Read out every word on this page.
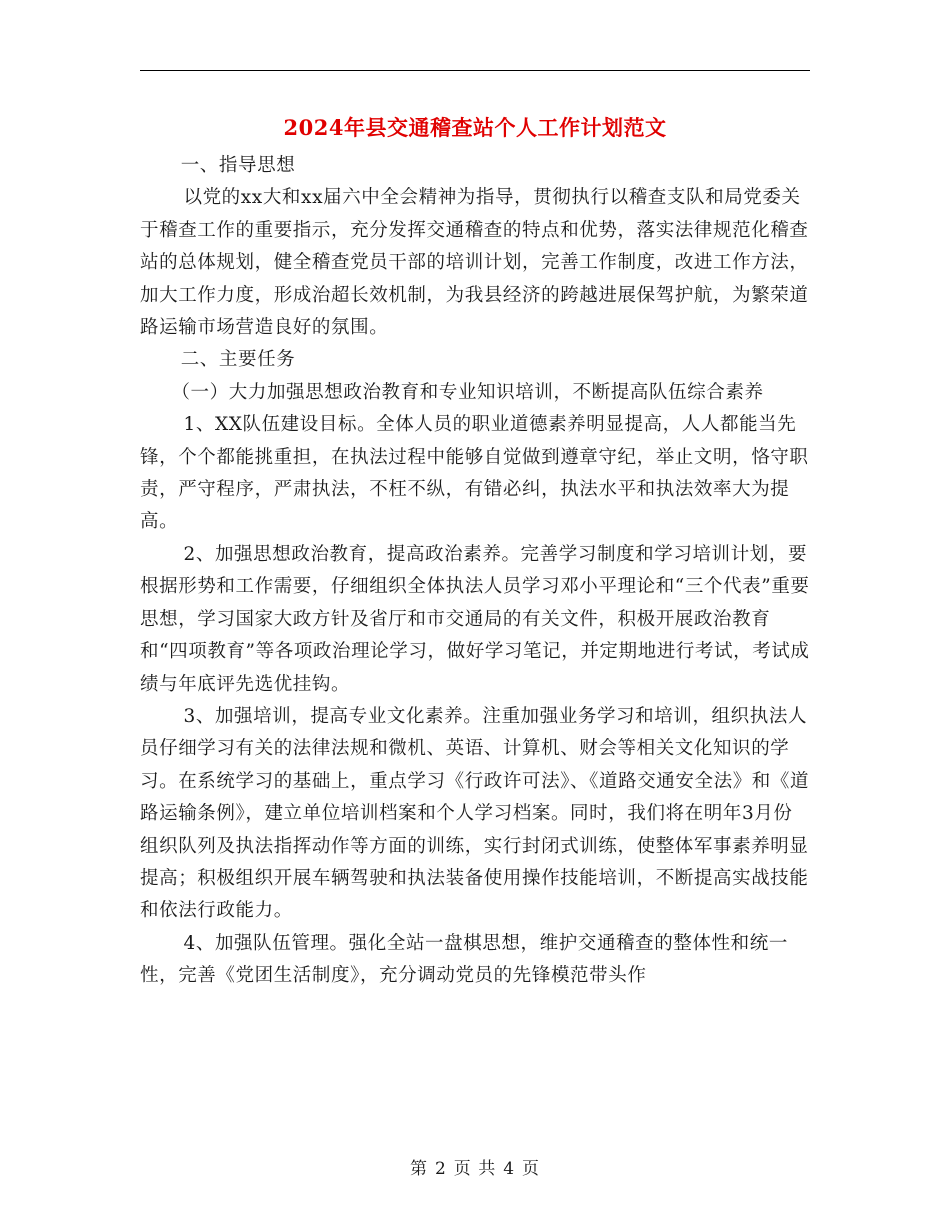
2024年县交通稽查站个人工作计划范文

一、指导思想

以党的xx大和xx届六中全会精神为指导，贯彻执行以稽查支队和局党委关于稽查工作的重要指示，充分发挥交通稽查的特点和优势，落实法律规范化稽查站的总体规划，健全稽查党员干部的培训计划，完善工作制度，改进工作方法，加大工作力度，形成治超长效机制，为我县经济的跨越进展保驾护航，为繁荣道路运输市场营造良好的氛围。

二、主要任务

（一）大力加强思想政治教育和专业知识培训，不断提高队伍综合素养

1、XX队伍建设目标。全体人员的职业道德素养明显提高，人人都能当先锋，个个都能挑重担，在执法过程中能够自觉做到遵章守纪，举止文明，恪守职责，严守程序，严肃执法，不枉不纵，有错必纠，执法水平和执法效率大为提高。

2、加强思想政治教育，提高政治素养。完善学习制度和学习培训计划，要根据形势和工作需要，仔细组织全体执法人员学习邓小平理论和“三个代表”重要思想，学习国家大政方针及省厅和市交通局的有关文件，积极开展政治教育和“四项教育”等各项政治理论学习，做好学习笔记，并定期地进行考试，考试成绩与年底评先选优挂钩。

3、加强培训，提高专业文化素养。注重加强业务学习和培训，组织执法人员仔细学习有关的法律法规和微机、英语、计算机、财会等相关文化知识的学习。在系统学习的基础上，重点学习《行政许可法》、《道路交通安全法》和《道路运输条例》，建立单位培训档案和个人学习档案。同时，我们将在明年3月份组织队列及执法指挥动作等方面的训练，实行封闭式训练，使整体军事素养明显提高；积极组织开展车辆驾驶和执法装备使用操作技能培训，不断提高实战技能和依法行政能力。

4、加强队伍管理。强化全站一盘棋思想，维护交通稽查的整体性和统一性，完善《党团生活制度》，充分调动党员的先锋模范带头作

第 2 页 共 4 页
